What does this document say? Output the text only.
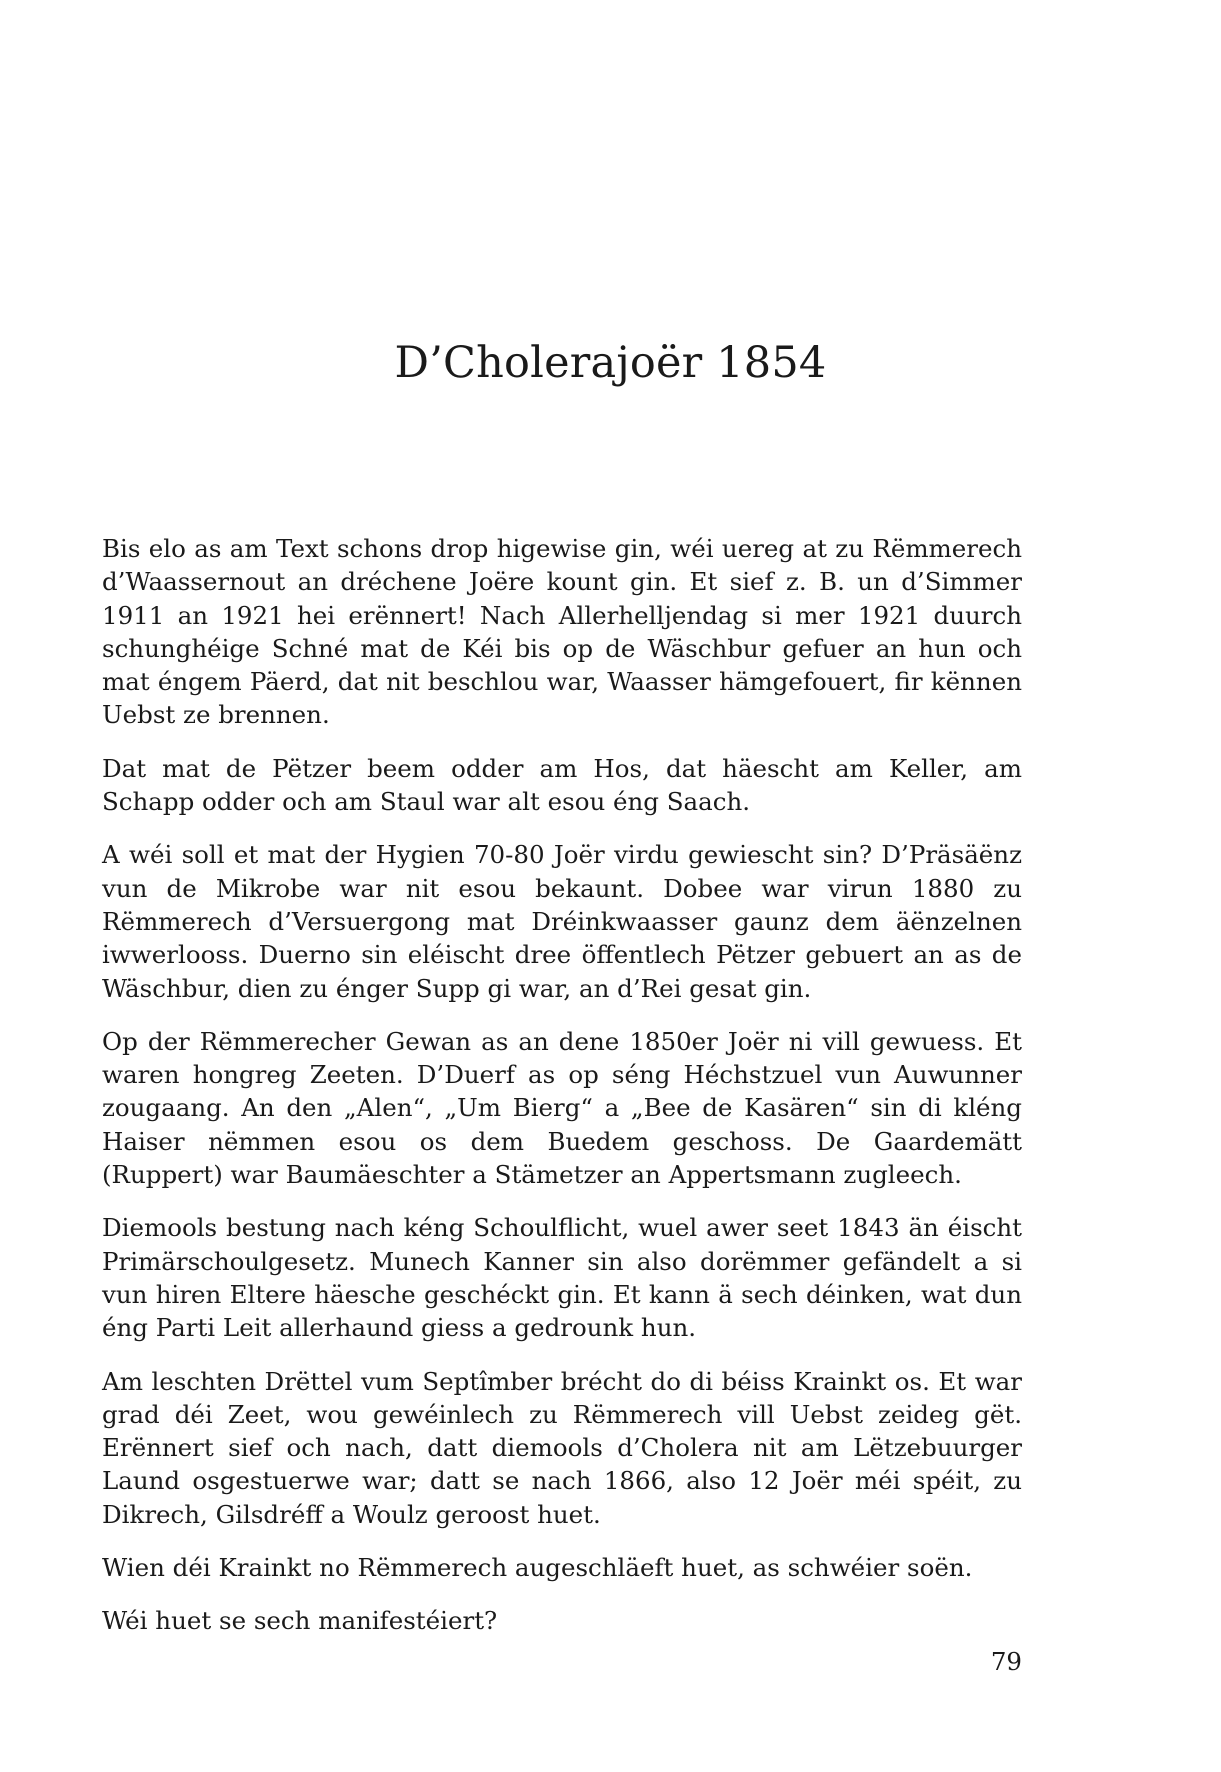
D’Cholerajoër 1854

Bis elo as am Text schons drop higewise gin, wéi uereg at zu Rëmmerech d’Waassernout an dréchene Joëre kount gin. Et sief z. B. un d’Simmer 1911 an 1921 hei erënnert! Nach Allerhelljendag si mer 1921 duurch schunghéige Schné mat de Kéi bis op de Wäschbur gefuer an hun och mat éngem Päerd, dat nit beschlou war, Waasser hämgefouert, fir kënnen Uebst ze brennen.

Dat mat de Pëtzer beem odder am Hos, dat häescht am Keller, am Schapp odder och am Staul war alt esou éng Saach.

A wéi soll et mat der Hygien 70-80 Joër virdu gewiescht sin? D’Präsäënz vun de Mikrobe war nit esou bekaunt. Dobee war virun 1880 zu Rëmmerech d’Versuergong mat Dréinkwaasser gaunz dem äënzelnen iwwerlooss. Duerno sin eléischt dree öffentlech Pëtzer gebuert an as de Wäschbur, dien zu énger Supp gi war, an d’Rei gesat gin.

Op der Rëmmerecher Gewan as an dene 1850er Joër ni vill gewuess. Et waren hongreg Zeeten. D’Duerf as op séng Héchstzuel vun Auwunner zougaang. An den „Alen“, „Um Bierg“ a „Bee de Kasären“ sin di kléng Haiser nëmmen esou os dem Buedem geschoss. De Gaardemätt (Ruppert) war Baumäeschter a Stämetzer an Appertsmann zugleech.

Diemools bestung nach kéng Schoulflicht, wuel awer seet 1843 än éischt Primärschoulgesetz. Munech Kanner sin also dorëmmer gefändelt a si vun hiren Eltere häesche geschéckt gin. Et kann ä sech déinken, wat dun éng Parti Leit allerhaund giess a gedrounk hun.

Am leschten Drëttel vum Septîmber brécht do di béiss Krainkt os. Et war grad déi Zeet, wou gewéinlech zu Rëmmerech vill Uebst zeideg gët. Erënnert sief och nach, datt diemools d’Cholera nit am Lëtzebuurger Laund osgestuerwe war; datt se nach 1866, also 12 Joër méi spéit, zu Dikrech, Gilsdréff a Woulz geroost huet.

Wien déi Krainkt no Rëmmerech augeschläeft huet, as schwéier soën.

Wéi huet se sech manifestéiert?

79
